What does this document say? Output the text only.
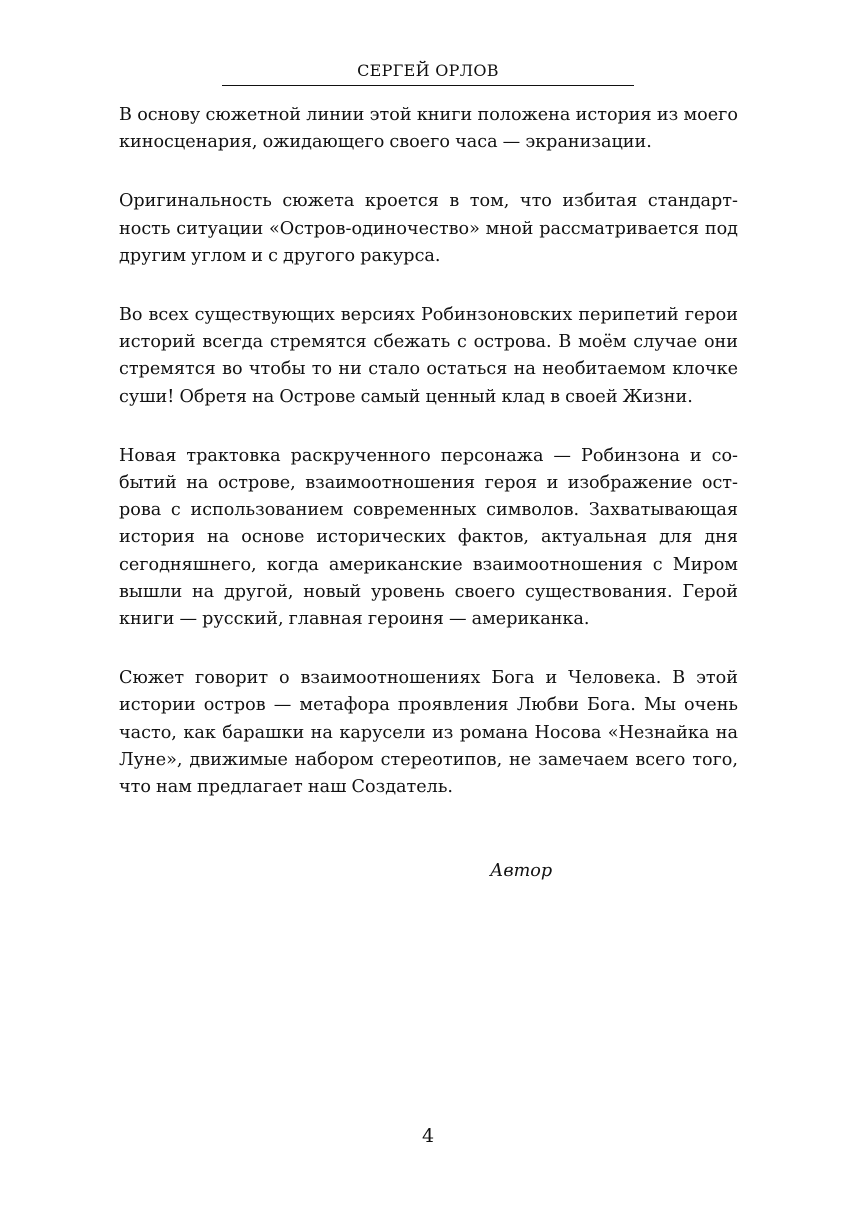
СЕРГЕЙ ОРЛОВ

В основу сюжетной линии этой книги положена история из моего киносценария, ожидающего своего часа — экранизации.

Оригинальность сюжета кроется в том, что избитая стандартность ситуации «Остров-одиночество» мной рассматривается под другим углом и с другого ракурса.

Во всех существующих версиях Робинзоновских перипетий герои историй всегда стремятся сбежать с острова. В моём случае они стремятся во чтобы то ни стало остаться на необитаемом клочке суши! Обретя на Острове самый ценный клад в своей Жизни.

Новая трактовка раскрученного персонажа — Робинзона и событий на острове, взаимоотношения героя и изображение острова с использованием современных символов. Захватывающая история на основе исторических фактов, актуальная для дня сегодняшнего, когда американские взаимоотношения с Миром вышли на другой, новый уровень своего существования. Герой книги — русский, главная героиня — американка.

Сюжет говорит о взаимоотношениях Бога и Человека. В этой истории остров — метафора проявления Любви Бога. Мы очень часто, как барашки на карусели из романа Носова «Незнайка на Луне», движимые набором стереотипов, не замечаем всего того, что нам предлагает наш Создатель.

Автор
4
